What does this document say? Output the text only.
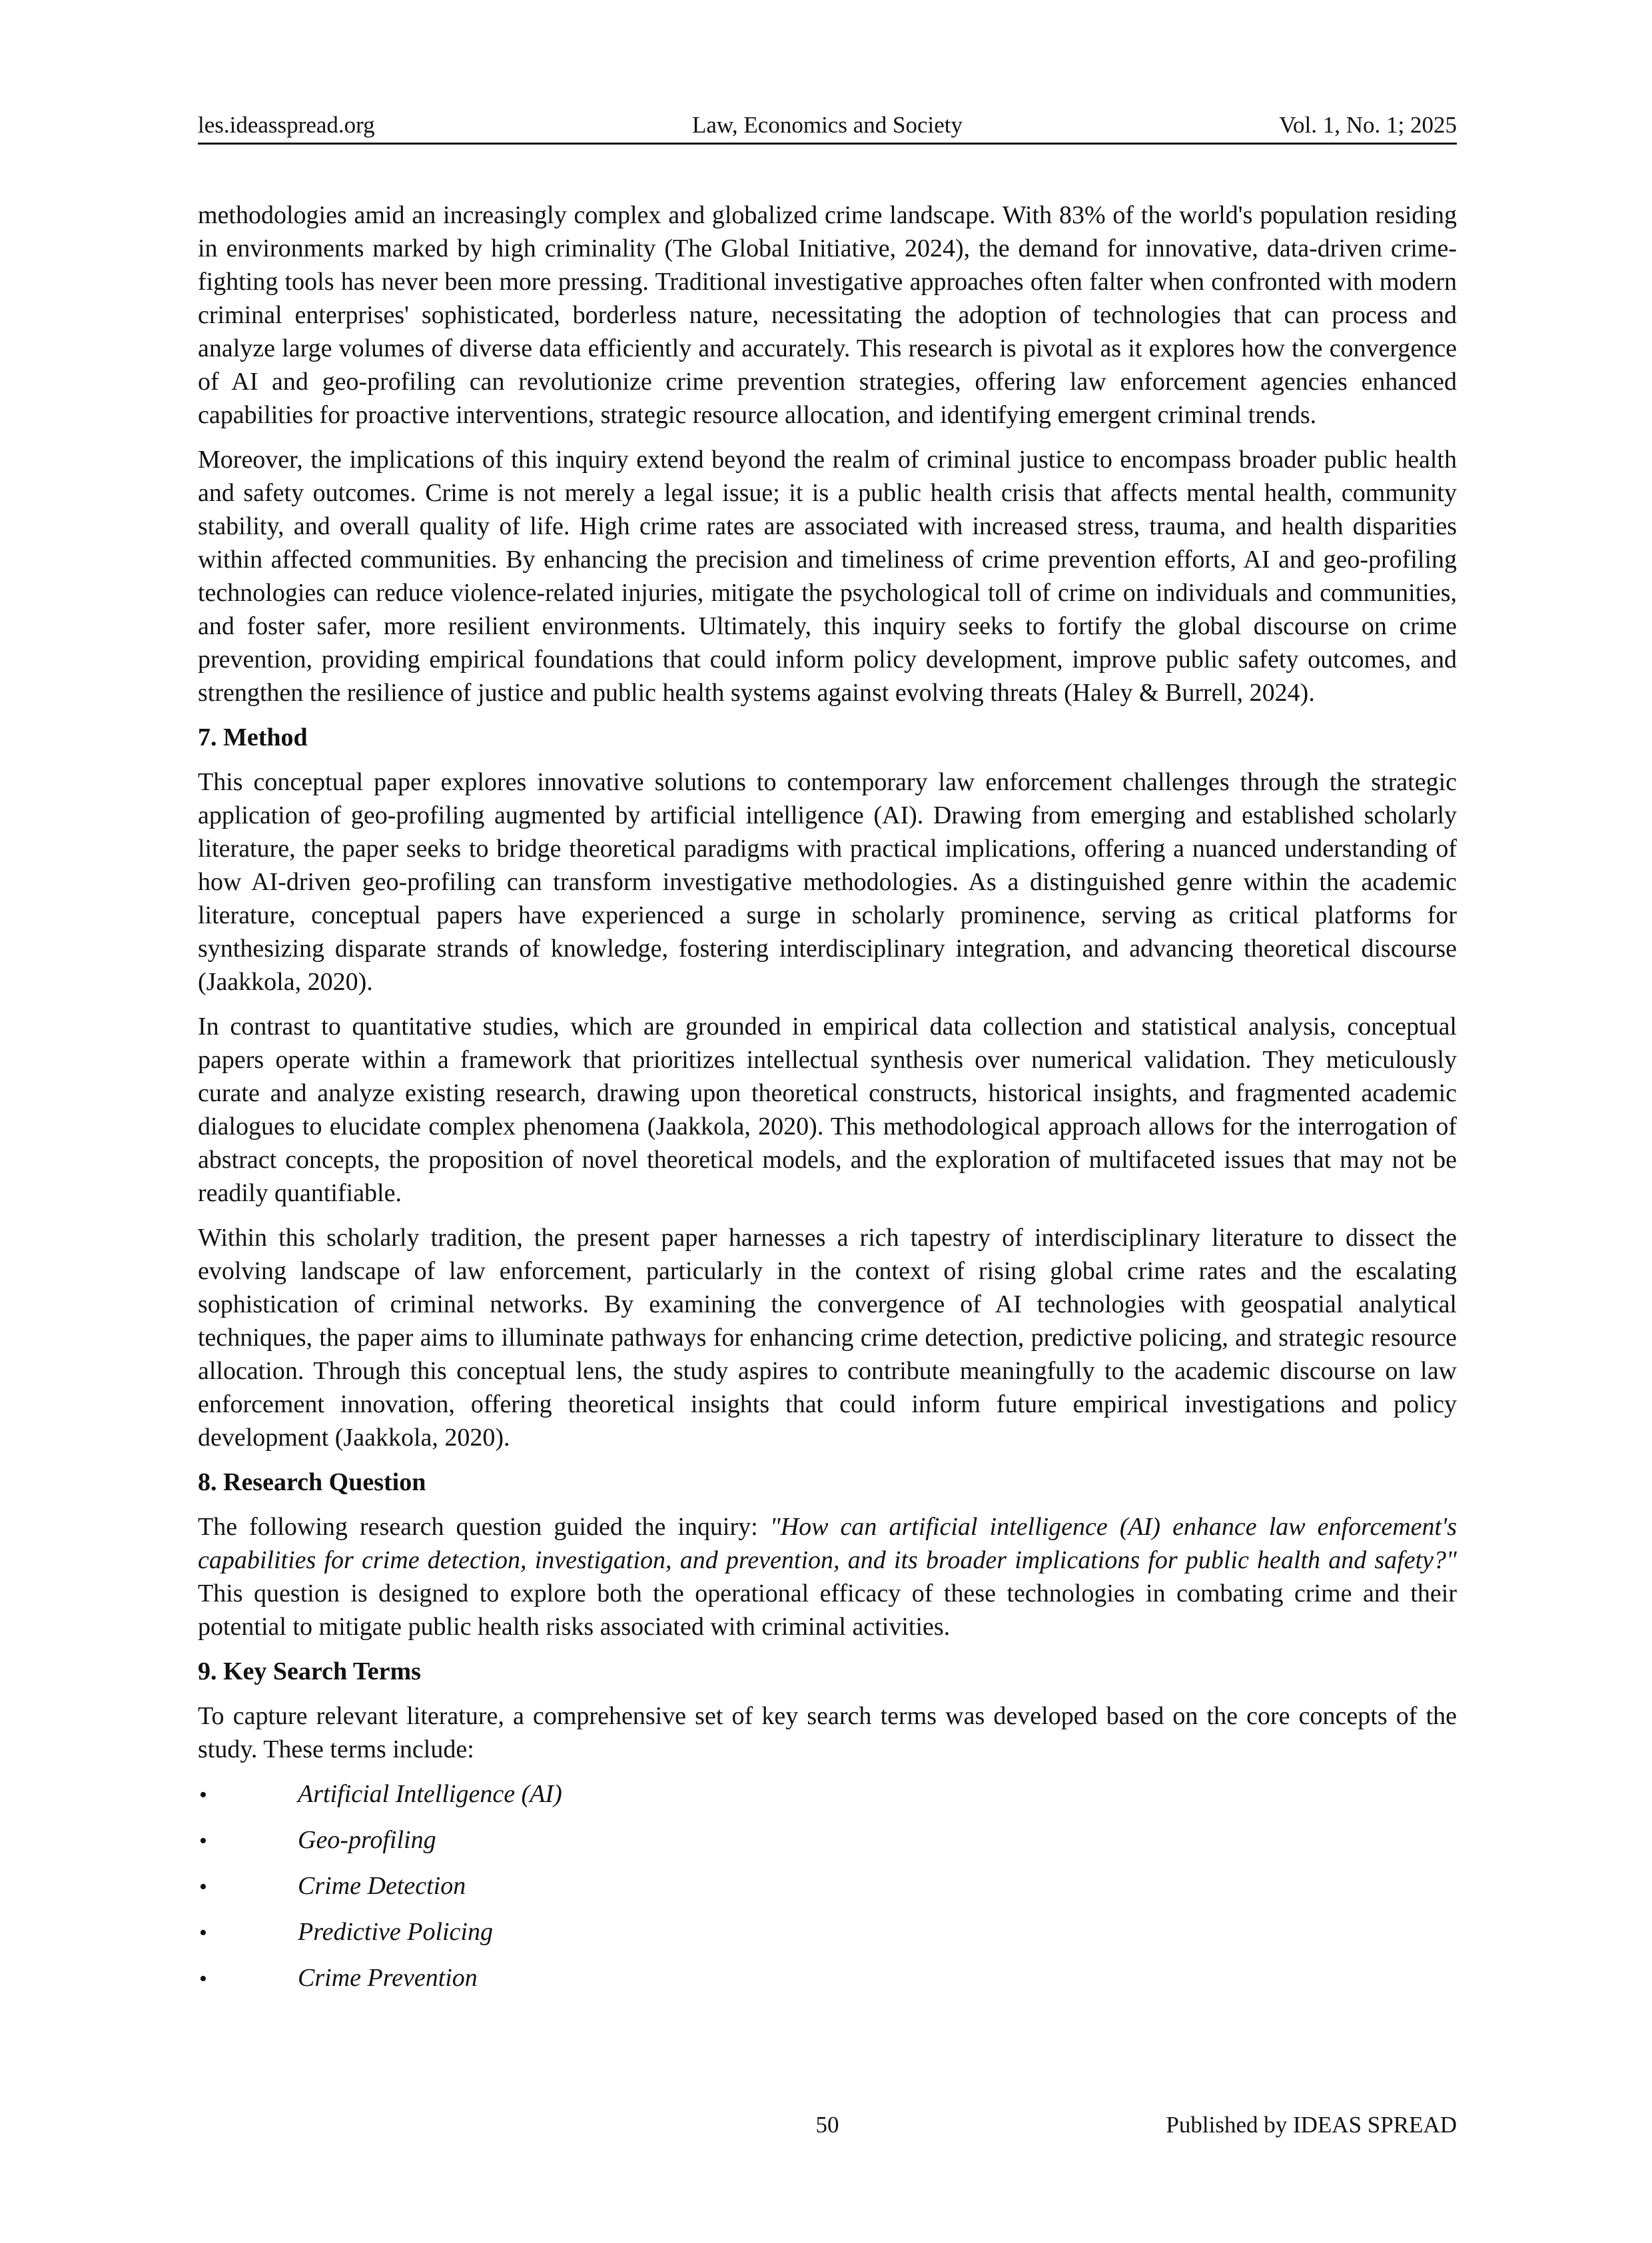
les.ideasspread.org	Law, Economics and Society	Vol. 1, No. 1; 2025

methodologies amid an increasingly complex and globalized crime landscape. With 83% of the world's population residing in environments marked by high criminality (The Global Initiative, 2024), the demand for innovative, data-driven crime-fighting tools has never been more pressing. Traditional investigative approaches often falter when confronted with modern criminal enterprises' sophisticated, borderless nature, necessitating the adoption of technologies that can process and analyze large volumes of diverse data efficiently and accurately. This research is pivotal as it explores how the convergence of AI and geo-profiling can revolutionize crime prevention strategies, offering law enforcement agencies enhanced capabilities for proactive interventions, strategic resource allocation, and identifying emergent criminal trends.

Moreover, the implications of this inquiry extend beyond the realm of criminal justice to encompass broader public health and safety outcomes. Crime is not merely a legal issue; it is a public health crisis that affects mental health, community stability, and overall quality of life. High crime rates are associated with increased stress, trauma, and health disparities within affected communities. By enhancing the precision and timeliness of crime prevention efforts, AI and geo-profiling technologies can reduce violence-related injuries, mitigate the psychological toll of crime on individuals and communities, and foster safer, more resilient environments. Ultimately, this inquiry seeks to fortify the global discourse on crime prevention, providing empirical foundations that could inform policy development, improve public safety outcomes, and strengthen the resilience of justice and public health systems against evolving threats (Haley & Burrell, 2024).

7. Method

This conceptual paper explores innovative solutions to contemporary law enforcement challenges through the strategic application of geo-profiling augmented by artificial intelligence (AI). Drawing from emerging and established scholarly literature, the paper seeks to bridge theoretical paradigms with practical implications, offering a nuanced understanding of how AI-driven geo-profiling can transform investigative methodologies. As a distinguished genre within the academic literature, conceptual papers have experienced a surge in scholarly prominence, serving as critical platforms for synthesizing disparate strands of knowledge, fostering interdisciplinary integration, and advancing theoretical discourse (Jaakkola, 2020).

In contrast to quantitative studies, which are grounded in empirical data collection and statistical analysis, conceptual papers operate within a framework that prioritizes intellectual synthesis over numerical validation. They meticulously curate and analyze existing research, drawing upon theoretical constructs, historical insights, and fragmented academic dialogues to elucidate complex phenomena (Jaakkola, 2020). This methodological approach allows for the interrogation of abstract concepts, the proposition of novel theoretical models, and the exploration of multifaceted issues that may not be readily quantifiable.

Within this scholarly tradition, the present paper harnesses a rich tapestry of interdisciplinary literature to dissect the evolving landscape of law enforcement, particularly in the context of rising global crime rates and the escalating sophistication of criminal networks. By examining the convergence of AI technologies with geospatial analytical techniques, the paper aims to illuminate pathways for enhancing crime detection, predictive policing, and strategic resource allocation. Through this conceptual lens, the study aspires to contribute meaningfully to the academic discourse on law enforcement innovation, offering theoretical insights that could inform future empirical investigations and policy development (Jaakkola, 2020).

8. Research Question

The following research question guided the inquiry: "How can artificial intelligence (AI) enhance law enforcement's capabilities for crime detection, investigation, and prevention, and its broader implications for public health and safety?" This question is designed to explore both the operational efficacy of these technologies in combating crime and their potential to mitigate public health risks associated with criminal activities.

9. Key Search Terms

To capture relevant literature, a comprehensive set of key search terms was developed based on the core concepts of the study. These terms include:

•	Artificial Intelligence (AI)
•	Geo-profiling
•	Crime Detection
•	Predictive Policing
•	Crime Prevention
50	Published by IDEAS SPREAD
